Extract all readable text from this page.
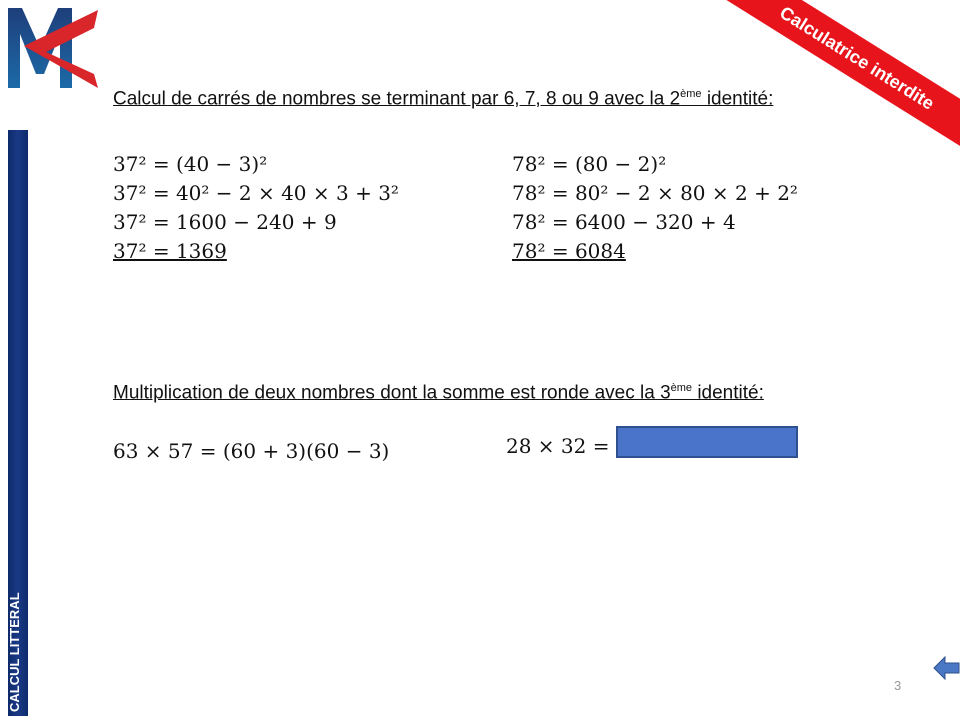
Calculatrice interdite
CALCUL LITTERAL
Calcul de carrés de nombres se terminant par 6, 7, 8 ou 9 avec la 2ème identité:
37² = (40 − 3)²
37² = 40² − 2 × 40 × 3 + 3²
37² = 1600 − 240 + 9
37² = 1369
78² = (80 − 2)²
78² = 80² − 2 × 80 × 2 + 2²
78² = 6400 − 320 + 4
78² = 6084
Multiplication de deux nombres dont la somme est ronde avec la 3ème identité:
63 × 57 = (60 + 3)(60 − 3)	28 × 32 =
3
